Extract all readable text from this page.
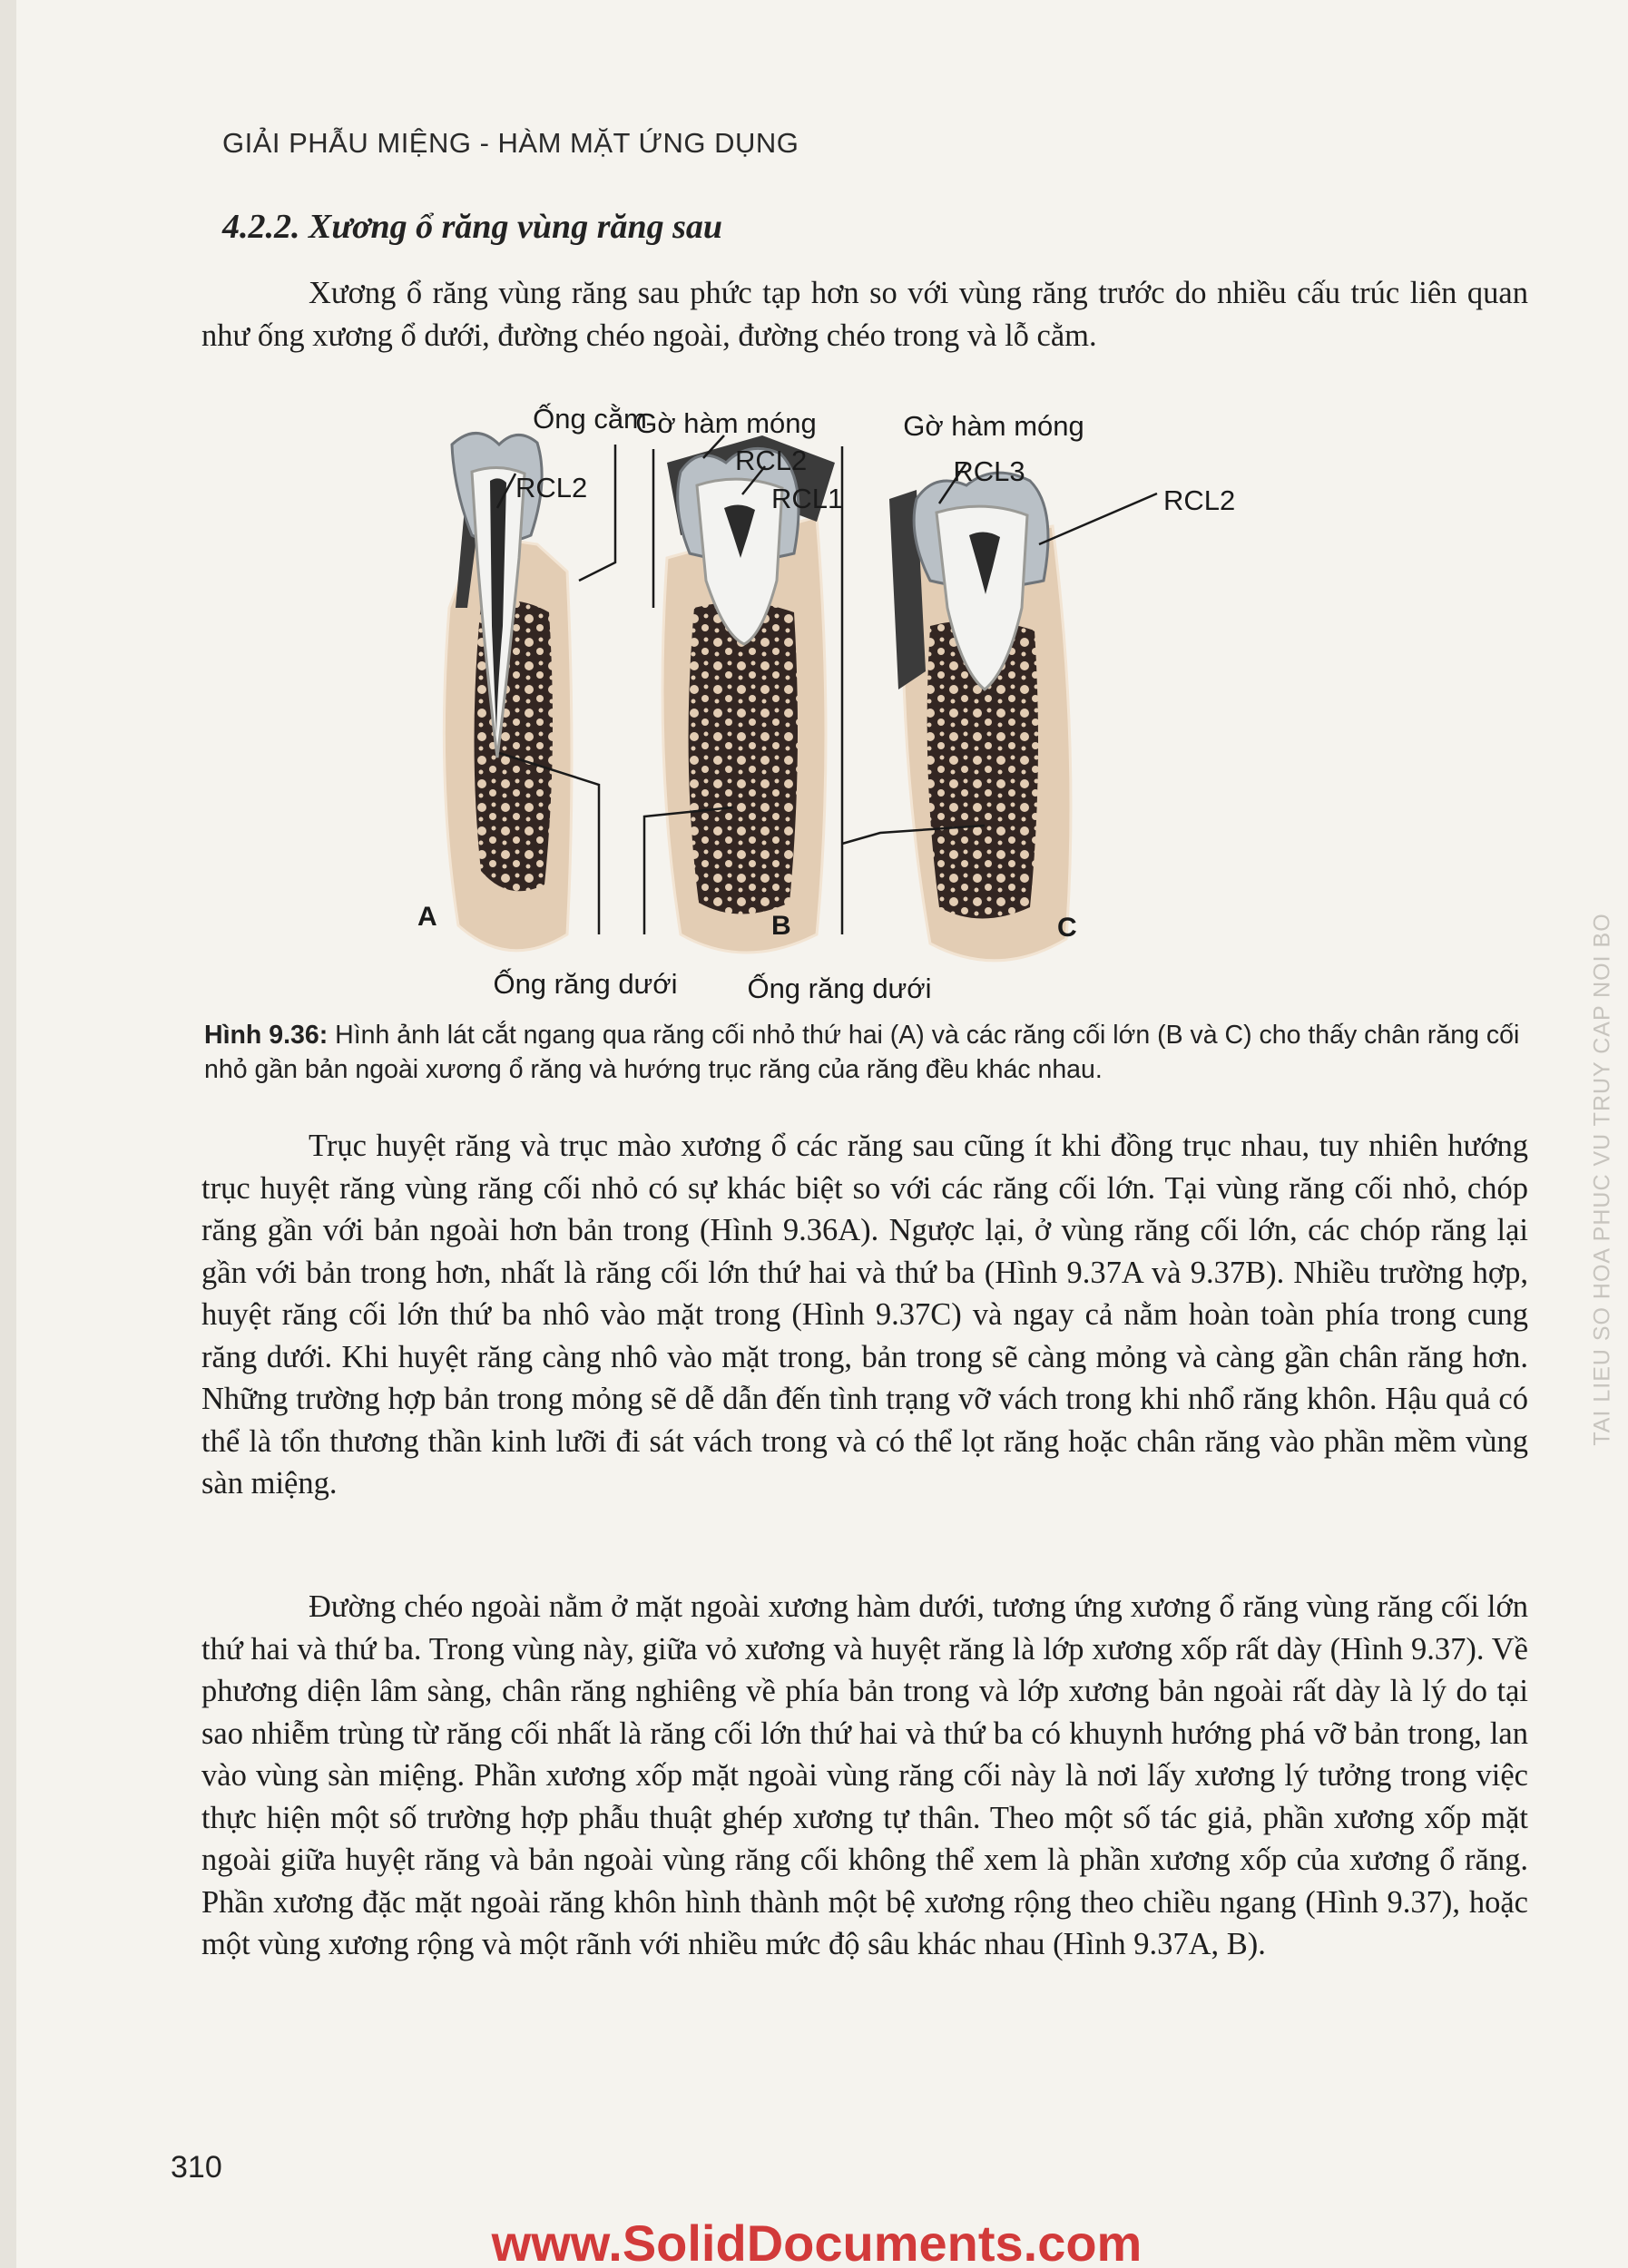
GIẢI PHẪU MIỆNG - HÀM MẶT ỨNG DỤNG
4.2.2. Xương ổ răng vùng răng sau
Xương ổ răng vùng răng sau phức tạp hơn so với vùng răng trước do nhiều cấu trúc liên quan như ống xương ổ dưới, đường chéo ngoài, đường chéo trong và lỗ cằm.
Ống cằm
Gờ hàm móng	Gờ hàm móng
RCL2
RCL2
RCL1
RCL3
RCL2
Ống răng dưới Ống răng dưới
A	B	C
Hình 9.36: Hình ảnh lát cắt ngang qua răng cối nhỏ thứ hai (A) và các răng cối lớn (B và C) cho thấy chân răng cối nhỏ gần bản ngoài xương ổ răng và hướng trục răng của răng đều khác nhau.
Trục huyệt răng và trục mào xương ổ các răng sau cũng ít khi đồng trục nhau, tuy nhiên hướng trục huyệt răng vùng răng cối nhỏ có sự khác biệt so với các răng cối lớn. Tại vùng răng cối nhỏ, chóp răng gần với bản ngoài hơn bản trong (Hình 9.36A). Ngược lại, ở vùng răng cối lớn, các chóp răng lại gần với bản trong hơn, nhất là răng cối lớn thứ hai và thứ ba (Hình 9.37A và 9.37B). Nhiều trường hợp, huyệt răng cối lớn thứ ba nhô vào mặt trong (Hình 9.37C) và ngay cả nằm hoàn toàn phía trong cung răng dưới. Khi huyệt răng càng nhô vào mặt trong, bản trong sẽ càng mỏng và càng gần chân răng hơn. Những trường hợp bản trong mỏng sẽ dễ dẫn đến tình trạng vỡ vách trong khi nhổ răng khôn. Hậu quả có thể là tổn thương thần kinh lưỡi đi sát vách trong và có thể lọt răng hoặc chân răng vào phần mềm vùng sàn miệng.
Đường chéo ngoài nằm ở mặt ngoài xương hàm dưới, tương ứng xương ổ răng vùng răng cối lớn thứ hai và thứ ba. Trong vùng này, giữa vỏ xương và huyệt răng là lớp xương xốp rất dày (Hình 9.37). Về phương diện lâm sàng, chân răng nghiêng về phía bản trong và lớp xương bản ngoài rất dày là lý do tại sao nhiễm trùng từ răng cối nhất là răng cối lớn thứ hai và thứ ba có khuynh hướng phá vỡ bản trong, lan vào vùng sàn miệng. Phần xương xốp mặt ngoài vùng răng cối này là nơi lấy xương lý tưởng trong việc thực hiện một số trường hợp phẫu thuật ghép xương tự thân. Theo một số tác giả, phần xương xốp mặt ngoài giữa huyệt răng và bản ngoài vùng răng cối không thể xem là phần xương xốp của xương ổ răng. Phần xương đặc mặt ngoài răng khôn hình thành một bệ xương rộng theo chiều ngang (Hình 9.37), hoặc một vùng xương rộng và một rãnh với nhiều mức độ sâu khác nhau (Hình 9.37A, B).
310
TAI LIEU SO HOA PHUC VU TRUY CAP NOI BO
www.SolidDocuments.com
